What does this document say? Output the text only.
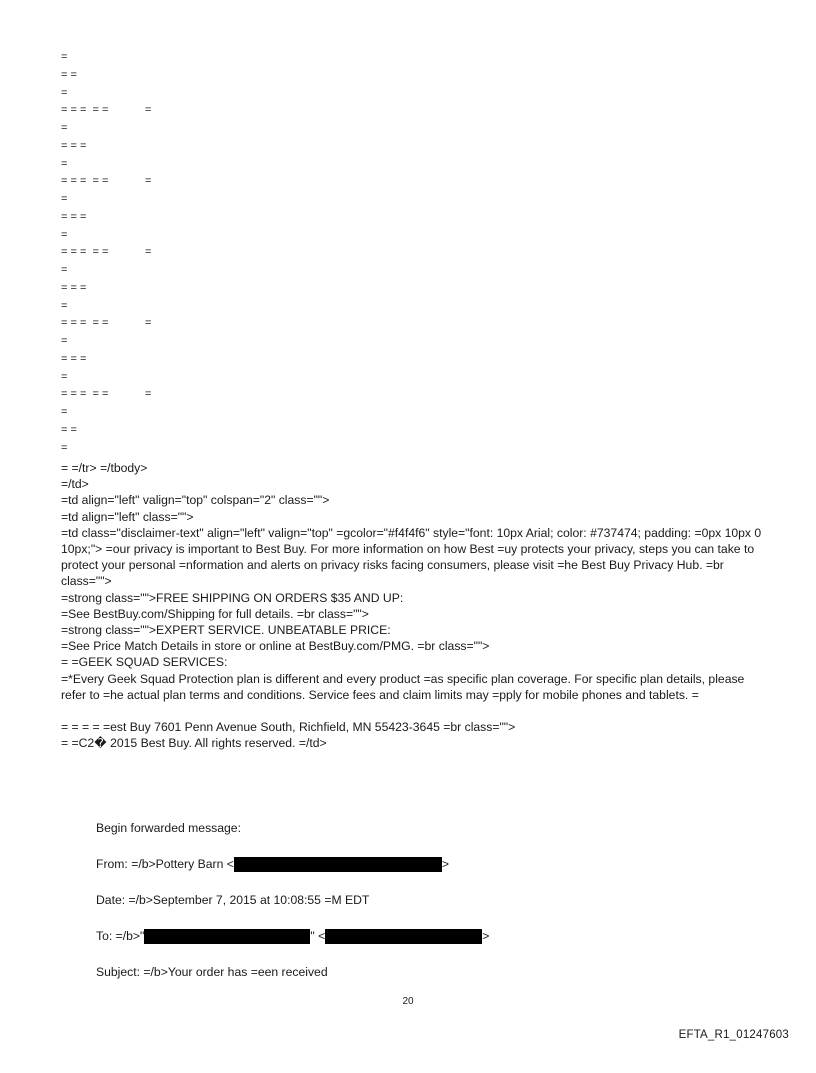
=
= =
=
= = =  = =	=
=
= = =
=
= = =  = =	=
=
= = =
=
= = =  = =	=
=
= = =
=
= = =  = =	=
=
= = =
=
= = =  = =	=
=
= =
=

= =/tr> =/tbody>

=/td>

=td align="left" valign="top" colspan="2" class="">

=td align="left" class="">

=td class="disclaimer-text" align="left" valign="top" =gcolor="#f4f4f6" style="font: 10px Arial; color: #737474; padding: =0px 10px 0 10px;"> =our privacy is important to Best Buy. For more information on how Best =uy protects your privacy, steps you can take to protect your personal =nformation and alerts on privacy risks facing consumers, please visit =he Best Buy Privacy Hub. =br class="">

=strong class="">FREE SHIPPING ON ORDERS $35 AND UP:

=See BestBuy.com/Shipping for full details. =br class="">

=strong class="">EXPERT SERVICE. UNBEATABLE PRICE:

=See Price Match Details in store or online at BestBuy.com/PMG. =br class="">

= =GEEK SQUAD SERVICES:

=*Every Geek Squad Protection plan is different and every product =as specific plan coverage. For specific plan details, please refer to =he actual plan terms and conditions. Service fees and claim limits may =pply for mobile phones and tablets. =

= = = = =est Buy 7601 Penn Avenue South, Richfield, MN 55423-3645 =br class="">

= =C2� 2015 Best Buy. All rights reserved. =/td>

Begin forwarded message:
From: =/b>Pottery Barn <	>
Date: =/b>September 7, 2015 at 10:08:55 =M EDT
To: =/b>"	" <	>
Subject: =/b>Your order has =een received
20
EFTA_R1_01247603
